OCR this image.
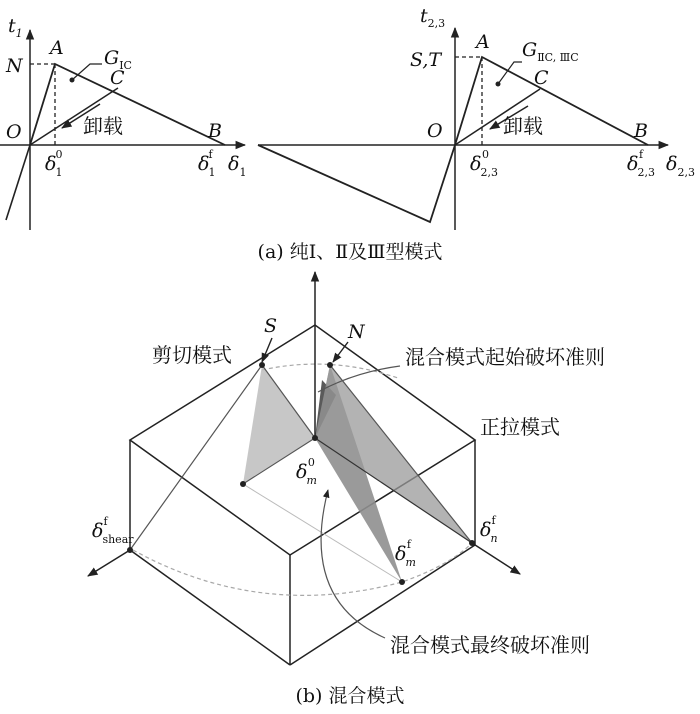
$t_1$
N
A $G_{ⅠC}$
C
O	卸载	B
δ10	δ1f $\delta_1$
$t_{2,3}$
S,T
A $G_{ⅡC, ⅢC}$
C
O	卸载	B
δ2,30	δ2,3f	$\delta_{2,3}$
(a) 纯Ⅰ、Ⅱ及Ⅲ型模式
S	N
剪切模式	混合模式起始破坏准则
正拉模式
δm0
δmf
δshearf	δnf
混合模式最终破坏准则
(b) 混合模式
